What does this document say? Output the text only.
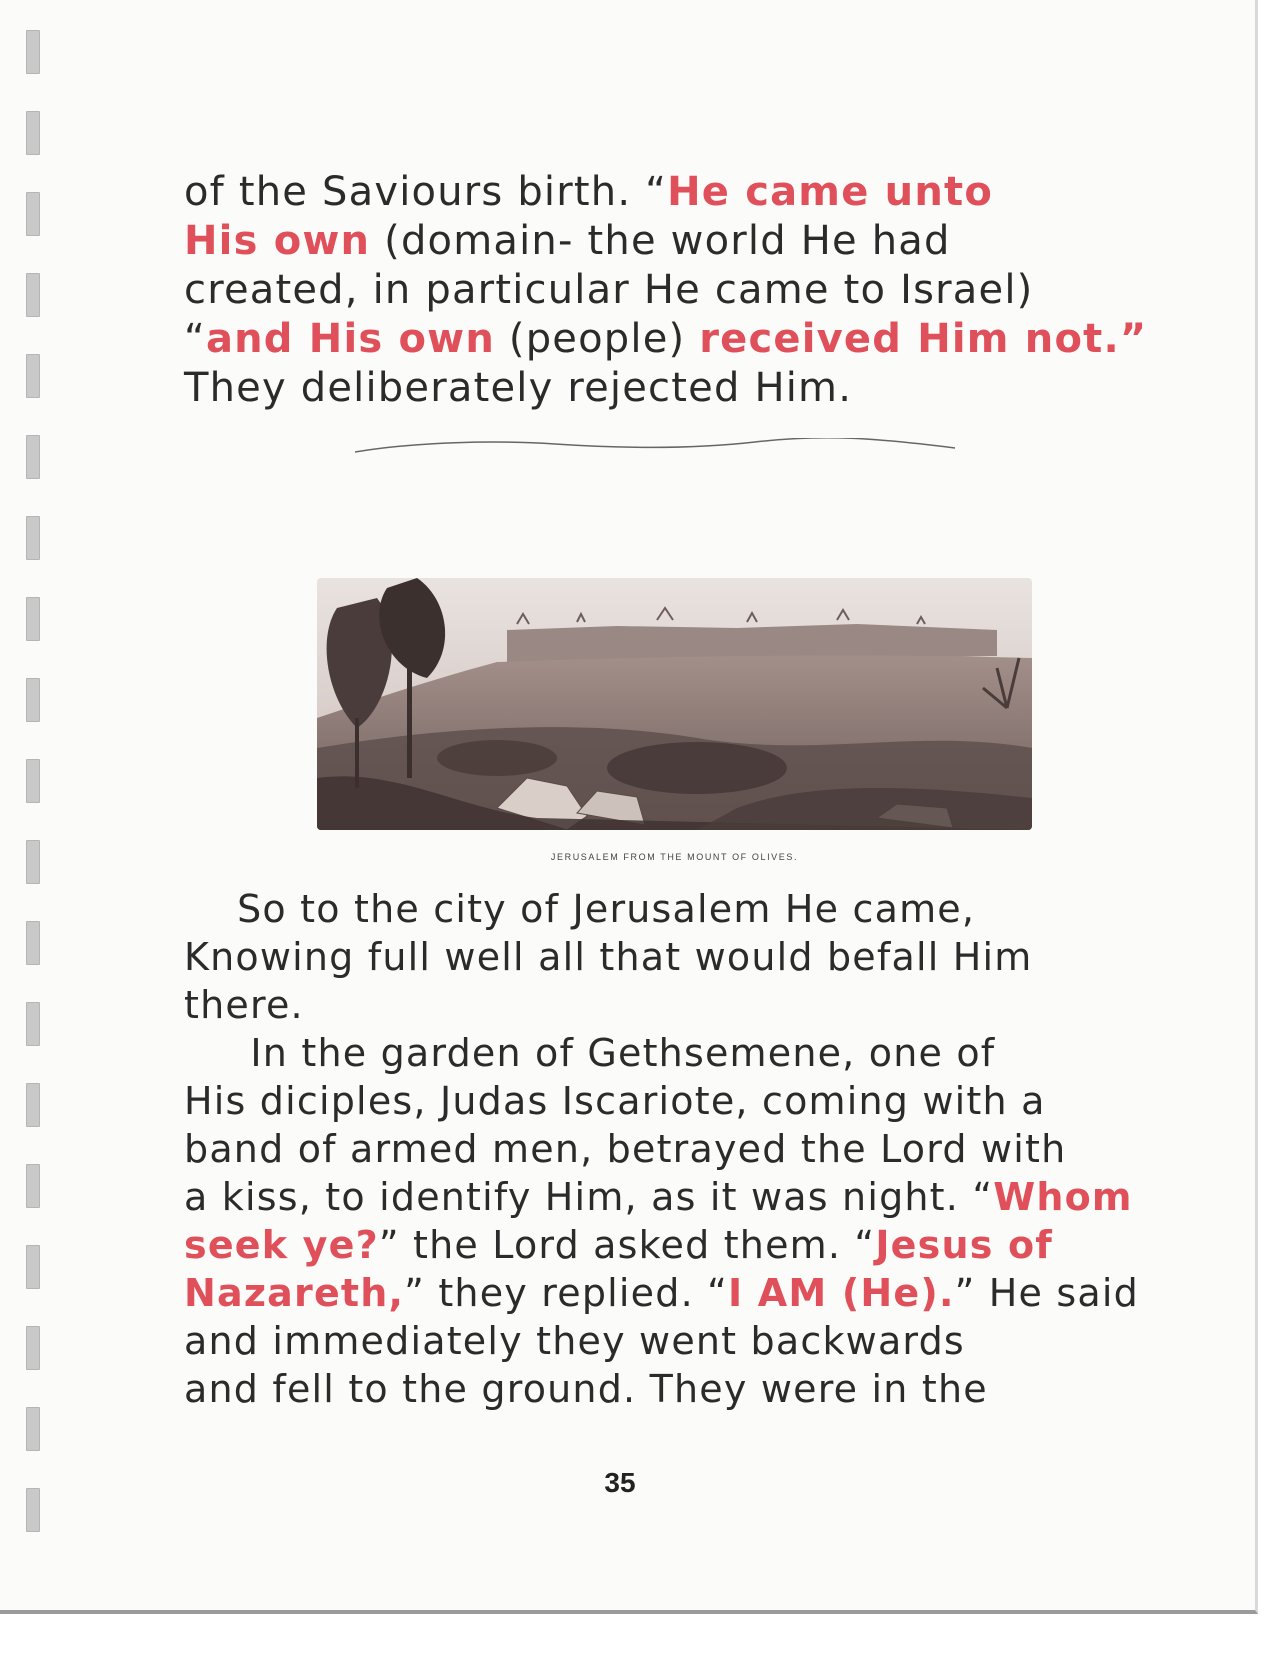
of the Saviours birth. “He came unto
His own (domain- the world He had
created, in particular He came to Israel)
“and His own (people) received Him not.”
They deliberately rejected Him.
JERUSALEM FROM THE MOUNT OF OLIVES.
So to the city of Jerusalem He came,
Knowing full well all that would befall Him
there.
In the garden of Gethsemene, one of
His diciples, Judas Iscariote, coming with a
band of armed men, betrayed the Lord with
a kiss, to identify Him, as it was night. “Whom
seek ye?” the Lord asked them. “Jesus of
Nazareth,” they replied. “I AM (He).” He said
and immediately they went backwards
and fell to the ground. They were in the
35
